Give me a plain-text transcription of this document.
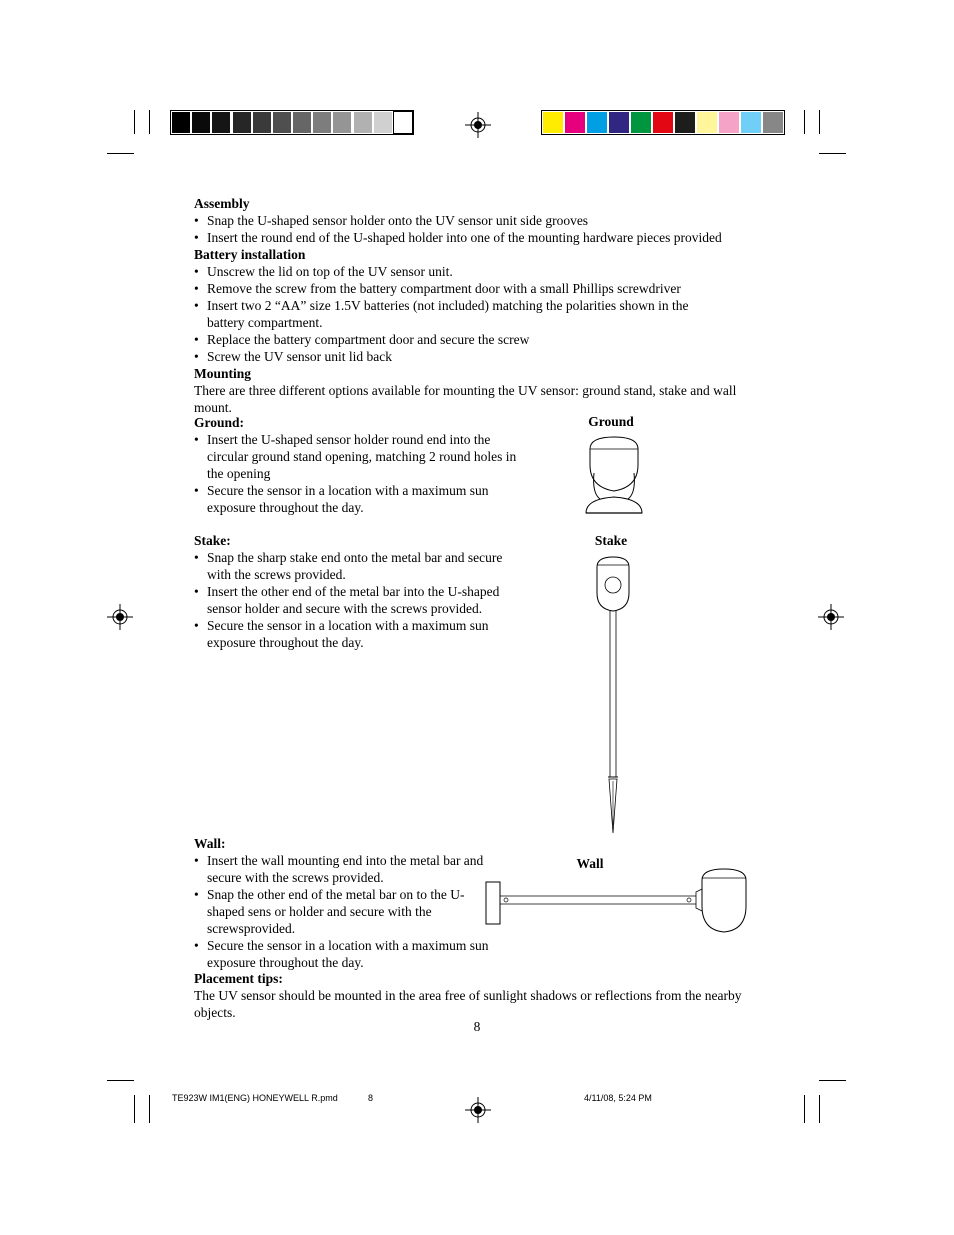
Assembly
• Snap the U-shaped sensor holder onto the UV sensor unit side grooves
• Insert the round end of the U-shaped holder into one of the mounting hardware pieces provided
Battery installation
• Unscrew the lid on top of the UV sensor unit.
• Remove the screw from the battery compartment door with a small Phillips screwdriver
• Insert two 2 “AA” size 1.5V batteries (not included) matching the polarities shown in the battery compartment.
• Replace the battery compartment door and secure the screw
• Screw the UV sensor unit lid back
Mounting
There are three different options available for mounting the UV sensor: ground stand, stake and wall mount.
Ground:
• Insert the U-shaped sensor holder round end into the circular ground stand opening, matching 2 round holes in the opening
• Secure the sensor in a location with a maximum sun exposure throughout the day.
Ground
Stake:
• Snap the sharp stake end onto the metal bar and secure with the screws provided.
• Insert the other end of the metal bar into the U-shaped sensor holder and secure with the screws provided.
• Secure the sensor in a location with a maximum sun exposure throughout the day.
Stake
Wall:
• Insert the wall mounting end into the metal bar and secure with the screws provided.
• Snap the other end of the metal bar on to the U-shaped sens or holder and secure with the screwsprovided.
• Secure the sensor in a location with a maximum sun exposure throughout the day.
Wall
Placement tips:
The UV sensor should be mounted in the area free of sunlight shadows or reflections from the nearby objects.
8
TE923W IM1(ENG) HONEYWELL R.pmd	8	4/11/08, 5:24 PM
